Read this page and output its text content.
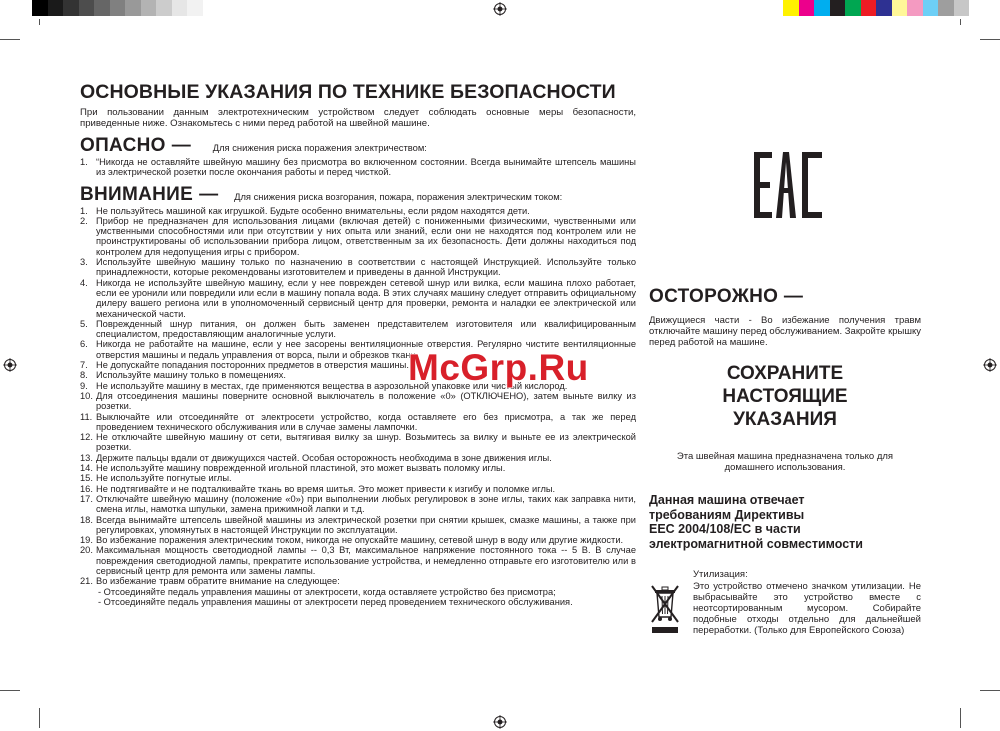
ОСНОВНЫЕ УКАЗАНИЯ ПО ТЕХНИКЕ БЕЗОПАСНОСТИ
При пользовании данным электротехническим устройством следует соблюдать основные меры безопасности, приведенные ниже. Ознакомьтесь с ними перед работой на швейной машине.
ОПАСНО — Для снижения риска поражения электричеством:
1. “Никогда не оставляйте швейную машину без присмотра во включенном состоянии. Всегда вынимайте штепсель машины из электрической розетки после окончания работы и перед чисткой.
ВНИМАНИЕ — Для снижения риска возгорания, пожара, поражения электрическим током:
1. Не пользуйтесь машиной как игрушкой. Будьте особенно внимательны, если рядом находятся дети.
2. Прибор не предназначен для использования лицами (включая детей) с пониженными физическими, чувственными или умственными способностями или при отсутствии у них опыта или знаний, если они не находятся под контролем или не проинструктированы об использовании прибора лицом, ответственным за их безопасность. Дети должны находиться под контролем для недопущения игры с прибором.
3. Используйте швейную машину только по назначению в соответствии с настоящей Инструкцией. Используйте только принадлежности, которые рекомендованы изготовителем и приведены в данной Инструкции.
4. Никогда не используйте швейную машину, если у нее поврежден сетевой шнур или вилка, если машина плохо работает, если ее уронили или повредили или если в машину попала вода. В этих случаях машину следует отправить официальному дилеру вашего региона или в уполномоченный сервисный центр для проверки, ремонта и наладки ее электрической или механической части.
5. Поврежденный шнур питания, он должен быть заменен представителем изготовителя или квалифицированным специалистом, предоставляющим аналогичные услуги.
6. Никогда не работайте на машине, если у нее засорены вентиляционные отверстия. Регулярно чистите вентиляционные отверстия машины и педаль управления от ворса, пыли и обрезков ткани.
7. Не допускайте попадания посторонних предметов в отверстия машины.
8. Используйте машину только в помещениях.
9. Не используйте машину в местах, где применяются вещества в аэрозольной упаковке или чистый кислород.
10. Для отсоединения машины поверните основной выключатель в положение «0» (ОТКЛЮЧЕНО), затем выньте вилку из розетки.
11. Выключайте или отсоединяйте от электросети устройство, когда оставляете его без присмотра, а так же перед проведением технического обслуживания или в случае замены лампочки.
12. Не отключайте швейную машину от сети, вытягивая вилку за шнур. Возьмитесь за вилку и выньте ее из электрической розетки.
13. Держите пальцы вдали от движущихся частей. Особая осторожность необходима в зоне движения иглы.
14. Не используйте машину поврежденной игольной пластиной, это может вызвать поломку иглы.
15. Не используйте погнутые иглы.
16. Не подтягивайте и не подталкивайте ткань во время шитья. Это может привести к изгибу и поломке иглы.
17. Отключайте швейную машину (положение «0») при выполнении любых регулировок в зоне иглы, таких как заправка нити, смена иглы, намотка шпульки, замена прижимной лапки и т.д.
18. Всегда вынимайте штепсель швейной машины из электрической розетки при снятии крышек, смазке машины, а также при регулировках, упомянутых в настоящей Инструкции по эксплуатации.
19. Во избежание поражения электрическим током, никогда не опускайте машину, сетевой шнур в воду или другие жидкости.
20. Максимальная мощность светодиодной лампы -- 0,3 Вт, максимальное напряжение постоянного тока -- 5 В. В случае повреждения светодиодной лампы, прекратите использование устройства, и немедленно отправьте его изготовителю или в сервисный центр для ремонта или замены лампы.
21. Во избежание травм обратите внимание на следующее:
- Отсоединяйте педаль управления машины от электросети, когда оставляете устройство без присмотра;
- Отсоединяйте педаль управления машины от электросети перед проведением технического обслуживания.
ОСТОРОЖНО —
Движущиеся части - Во избежание получения травм отключайте машину перед обслуживанием. Закройте крышку перед работой на машине.
СОХРАНИТЕ
НАСТОЯЩИЕ
УКАЗАНИЯ
Эта швейная машина предназначена только для
домашнего использования.
Данная машина отвечает
требованиям Директивы
EEC 2004/108/EC в части
электромагнитной совместимости
Утилизация:
Это устройство отмечено значком утилизации. Не выбрасывайте это устройство вместе с неотсортированным мусором. Собирайте подобные отходы отдельно для дальнейшей переработки. (Только для Европейского Союза)
McGrp.Ru
